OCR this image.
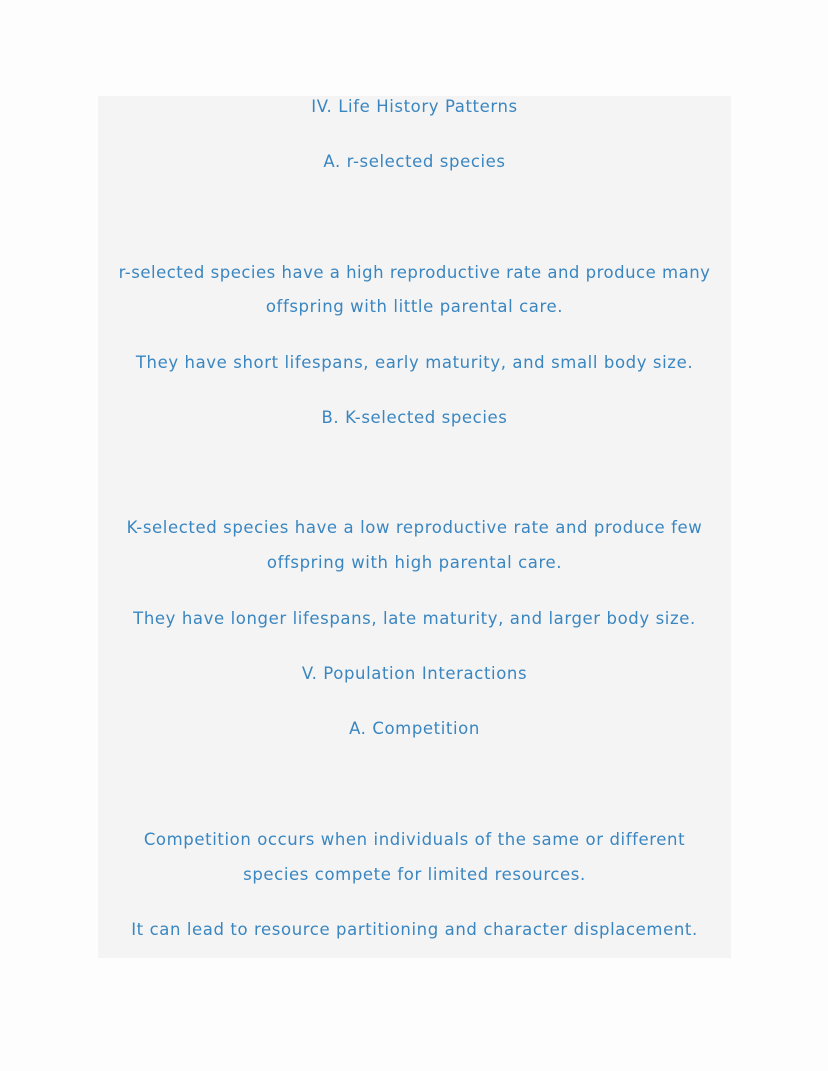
IV. Life History Patterns
A. r-selected species
r-selected species have a high reproductive rate and produce many
offspring with little parental care.
They have short lifespans, early maturity, and small body size.
B. K-selected species
K-selected species have a low reproductive rate and produce few
offspring with high parental care.
They have longer lifespans, late maturity, and larger body size.
V. Population Interactions
A. Competition
Competition occurs when individuals of the same or different
species compete for limited resources.
It can lead to resource partitioning and character displacement.
